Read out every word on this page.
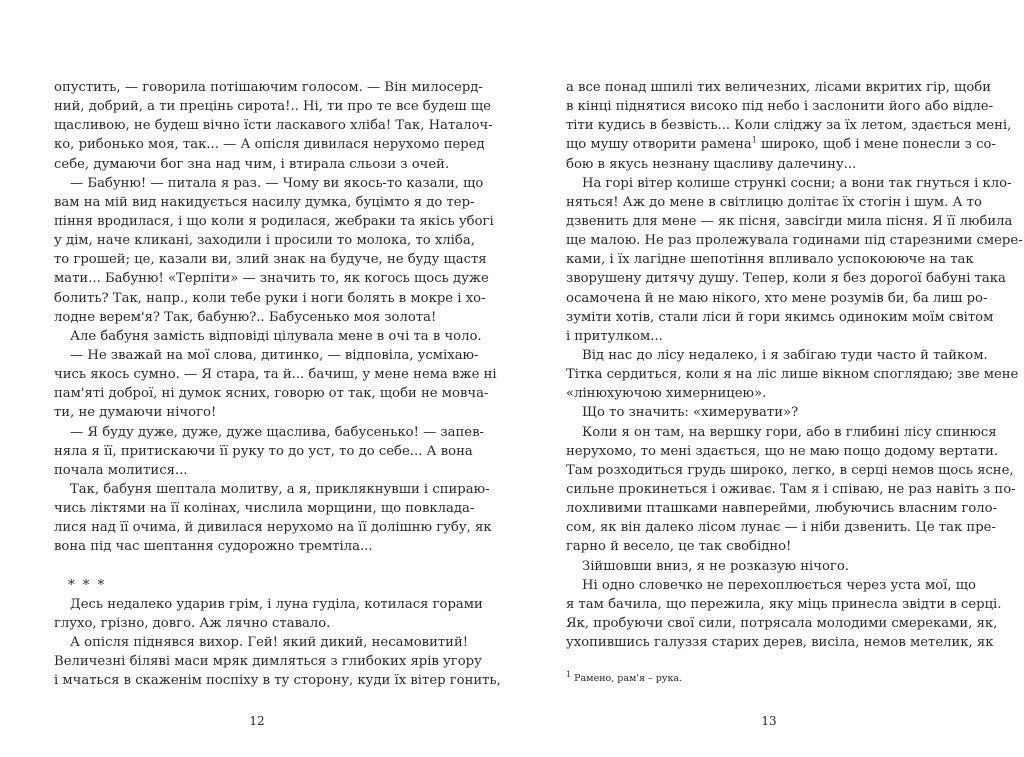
опустить, — говорила потішаючим голосом. — Він милосерд-
ний, добрий, а ти прецінь сирота!.. Ні, ти про те все будеш ще
щасливою, не будеш вічно їсти ласкавого хліба! Так, Наталоч-
ко, рибонько моя, так... — А опісля дивилася нерухомо перед
себе, думаючи бог зна над чим, і втирала сльози з очей.
— Бабуню! — питала я раз. — Чому ви якось-то казали, що
вам на мій вид накидується насилу думка, буцімто я до тер-
піння вродилася, і що коли я родилася, жебраки та якісь убогі
у дім, наче кликані, заходили і просили то молока, то хліба,
то грошей; це, казали ви, злий знак на будуче, не буду щастя
мати... Бабуню! «Терпіти» — значить то, як когось щось дуже
болить? Так, напр., коли тебе руки і ноги болять в мокре і хо-
лодне верем'я? Так, бабуню?.. Бабусенько моя золота!
Але бабуня замість відповіді цілувала мене в очі та в чоло.
— Не зважай на мої слова, дитинко, — відповіла, усміхаю-
чись якось сумно. — Я стара, та й... бачиш, у мене нема вже ні
пам'яті доброї, ні думок ясних, говорю от так, щоби не мовча-
ти, не думаючи нічого!
— Я буду дуже, дуже, дуже щаслива, бабусенько! — запев-
няла я її, притискаючи її руку то до уст, то до себе... А вона
почала молитися...
Так, бабуня шептала молитву, а я, приклякнувши і спираю-
чись ліктями на її колінах, числила морщини, що повклада-
лися над її очима, й дивилася нерухомо на її долішню губу, як
вона під час шептання судорожно тремтіла...
* * *
Десь недалеко ударив грім, і луна гуділа, котилася горами
глухо, грізно, довго. Аж лячно ставало.
А опісля піднявся вихор. Гей! який дикий, несамовитий!
Величезні біляві маси мряк димляться з глибоких ярів угору
і мчаться в скаженім поспіху в ту сторону, куди їх вітер гонить,
а все понад шпилі тих величезних, лісами вкритих гір, щоби
в кінці піднятися високо під небо і заслонити його або відле-
тіти кудись в безвість... Коли сліджу за їх летом, здається мені,
що мушу отворити рамена$^1$ широко, щоб і мене понесли з со-
бою в якусь незнану щасливу далечину...
На горі вітер колише стрункі сосни; а вони так гнуться і кло-
няться! Аж до мене в світлицю долітає їх стогін і шум. А то
дзвенить для мене — як пісня, завсігди мила пісня. Я її любила
ще малою. Не раз пролежувала годинами під старезними смере-
ками, і їх лагідне шепотіння впливало успокоююче на так
зворушену дитячу душу. Тепер, коли я без дорогої бабуні така
осамочена й не маю нікого, хто мене розумів би, ба лиш ро-
зуміти хотів, стали ліси й гори якимсь одиноким моїм світом
і притулком...
Від нас до лісу недалеко, і я забігаю туди часто й тайком.
Тітка сердиться, коли я на ліс лише вікном споглядаю; зве мене
«лінюхуючою химерницею».
Що то значить: «химерувати»?
Коли я он там, на вершку гори, або в глибині лісу спинюся
нерухомо, то мені здається, що не маю пощо додому вертати.
Там розходиться грудь широко, легко, в серці немов щось ясне,
сильне прокинеться і оживає. Там я і співаю, не раз навіть з по-
лохливими пташками навперейми, любуючись власним голо-
сом, як він далеко лісом лунає — і ніби дзвенить. Це так пре-
гарно й весело, це так свобідно!
Зійшовши вниз, я не розказую нічого.
Ні одно словечко не перехоплюється через уста мої, що
я там бачила, що пережила, яку міць принесла звідти в серці.
Як, пробуючи свої сили, потрясала молодими смереками, як,
ухопившись галуззя старих дерев, висіла, немов метелик, як
$^1$ Рамено, рам'я – рука.
12	13
